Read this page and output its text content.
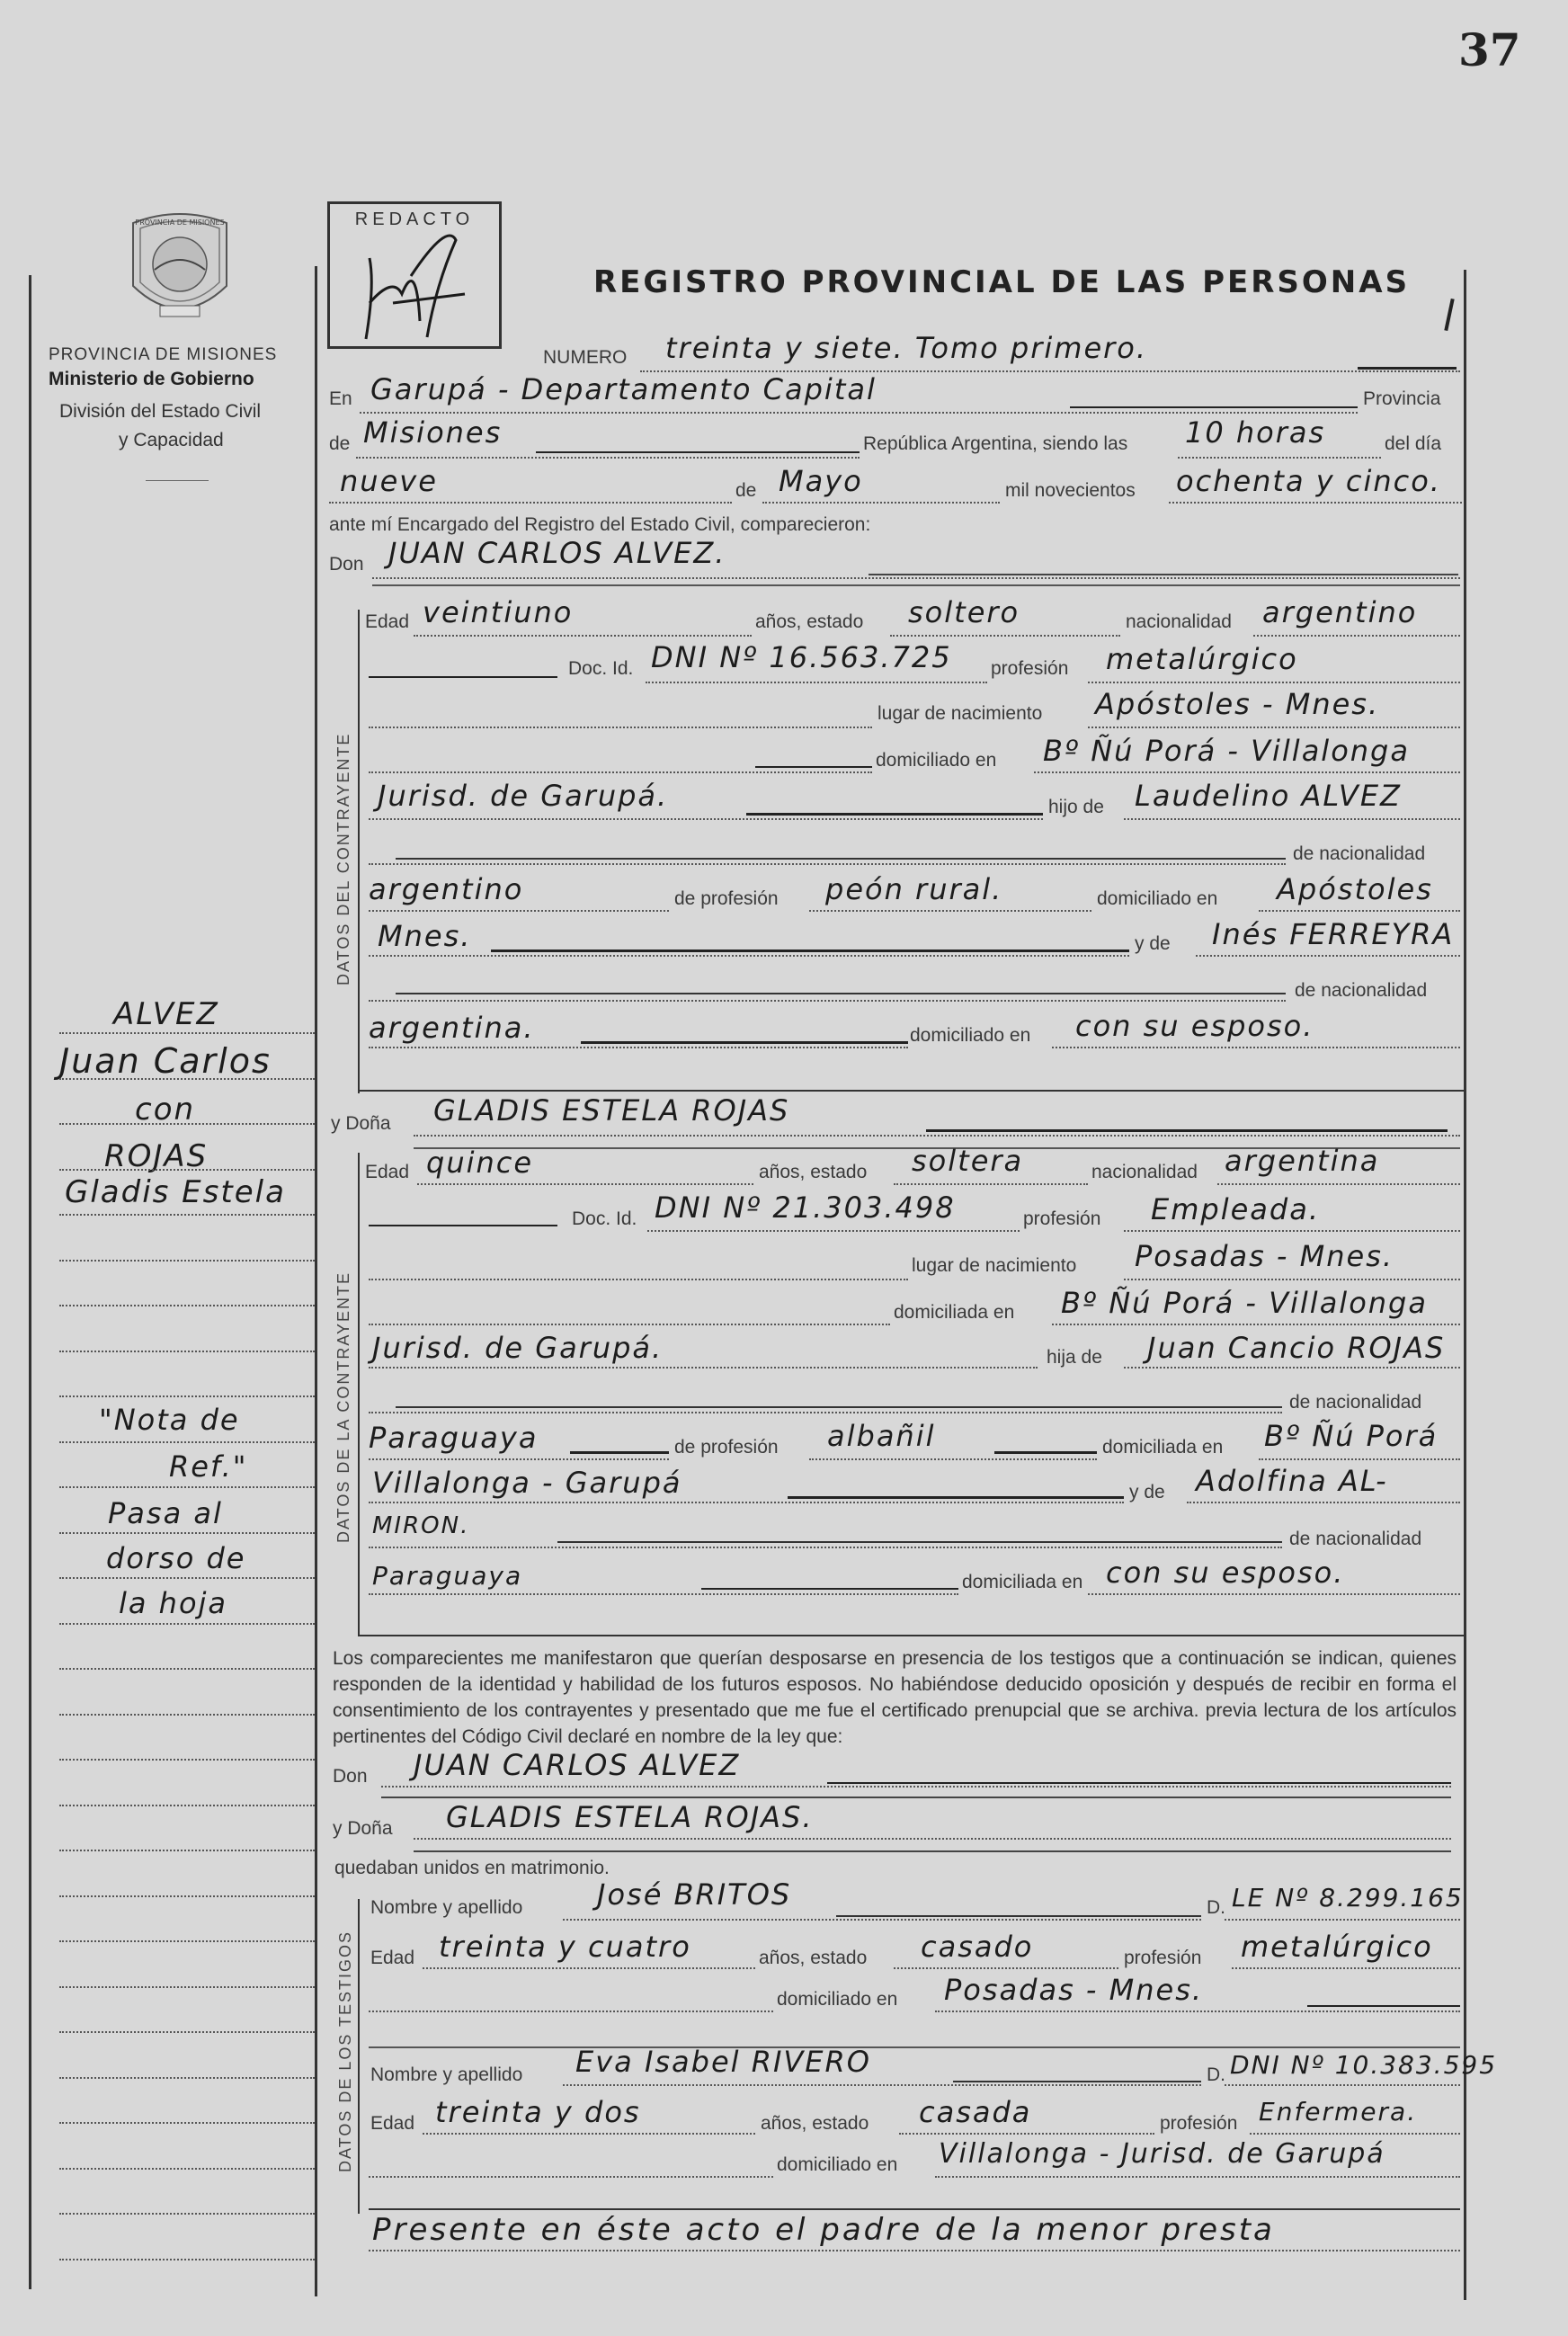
37
PROVINCIA DE MISIONES
PROVINCIA DE MISIONES
Ministerio de Gobierno
División del Estado Civil
y Capacidad
REDACTO
REGISTRO PROVINCIAL DE LAS PERSONAS
NUMERO treinta y siete. Tomo primero.
En Garupá - Departamento Capital	Provincia
de Misiones	República Argentina, siendo las 10 horas	del día
nueve	de Mayo	mil novecientos ochenta y cinco.
ante mí Encargado del Registro del Estado Civil, comparecieron:
Don JUAN CARLOS ALVEZ.
DATOS DEL CONTRAYENTE
Edad veintiuno	años, estado soltero	nacionalidad argentino
Doc. Id. DNI Nº 16.563.725 profesión metalúrgico
lugar de nacimiento Apóstoles - Mnes.
domiciliado en Bº Ñú Porá - Villalonga
Jurisd. de Garupá.	hijo de Laudelino ALVEZ
de nacionalidad
argentino	de profesión peón rural.	domiciliado en Apóstoles
Mnes.	y de Inés FERREYRA
de nacionalidad
argentina.	domiciliado en con su esposo.
y Doña GLADIS ESTELA ROJAS
ALVEZ
Juan Carlos
con
ROJAS
Gladis Estela
"Nota de
Ref."
Pasa al
dorso de
la hoja
DATOS DE LA CONTRAYENTE
Edad quince	años, estado soltera	nacionalidad argentina
Doc. Id. DNI Nº 21.303.498	profesión Empleada.
lugar de nacimiento Posadas - Mnes.
domiciliada en Bº Ñú Porá - Villalonga
Jurisd. de Garupá.	hija de Juan Cancio ROJAS
de nacionalidad
Paraguaya	de profesión albañil	domiciliada en Bº Ñú Porá
Villalonga - Garupá	y de Adolfina AL-
MIRON.	de nacionalidad
Paraguaya	domiciliada en con su esposo.
Los comparecientes me manifestaron que querían desposarse en presencia de los testigos que a continuación se indican, quienes responden de la identidad y habilidad de los futuros esposos. No habiéndose deducido oposición y después de recibir en forma el consentimiento de los contrayentes y presentado que me fue el certificado prenupcial que se archiva. previa lectura de los artículos pertinentes del Código Civil declaré en nombre de la ley que:
Don JUAN CARLOS ALVEZ
y Doña GLADIS ESTELA ROJAS.
quedaban unidos en matrimonio.
DATOS DE LOS TESTIGOS
Nombre y apellido	José BRITOS	D. LE Nº 8.299.165
Edad treinta y cuatro	años, estado casado	profesión metalúrgico
domiciliado en Posadas - Mnes.
Nombre y apellido Eva Isabel RIVERO	D. DNI Nº 10.383.595
Edad treinta y dos	años, estado casada	profesión Enfermera.
domiciliado en Villalonga - Jurisd. de Garupá
Presente en éste acto el padre de la menor presta
